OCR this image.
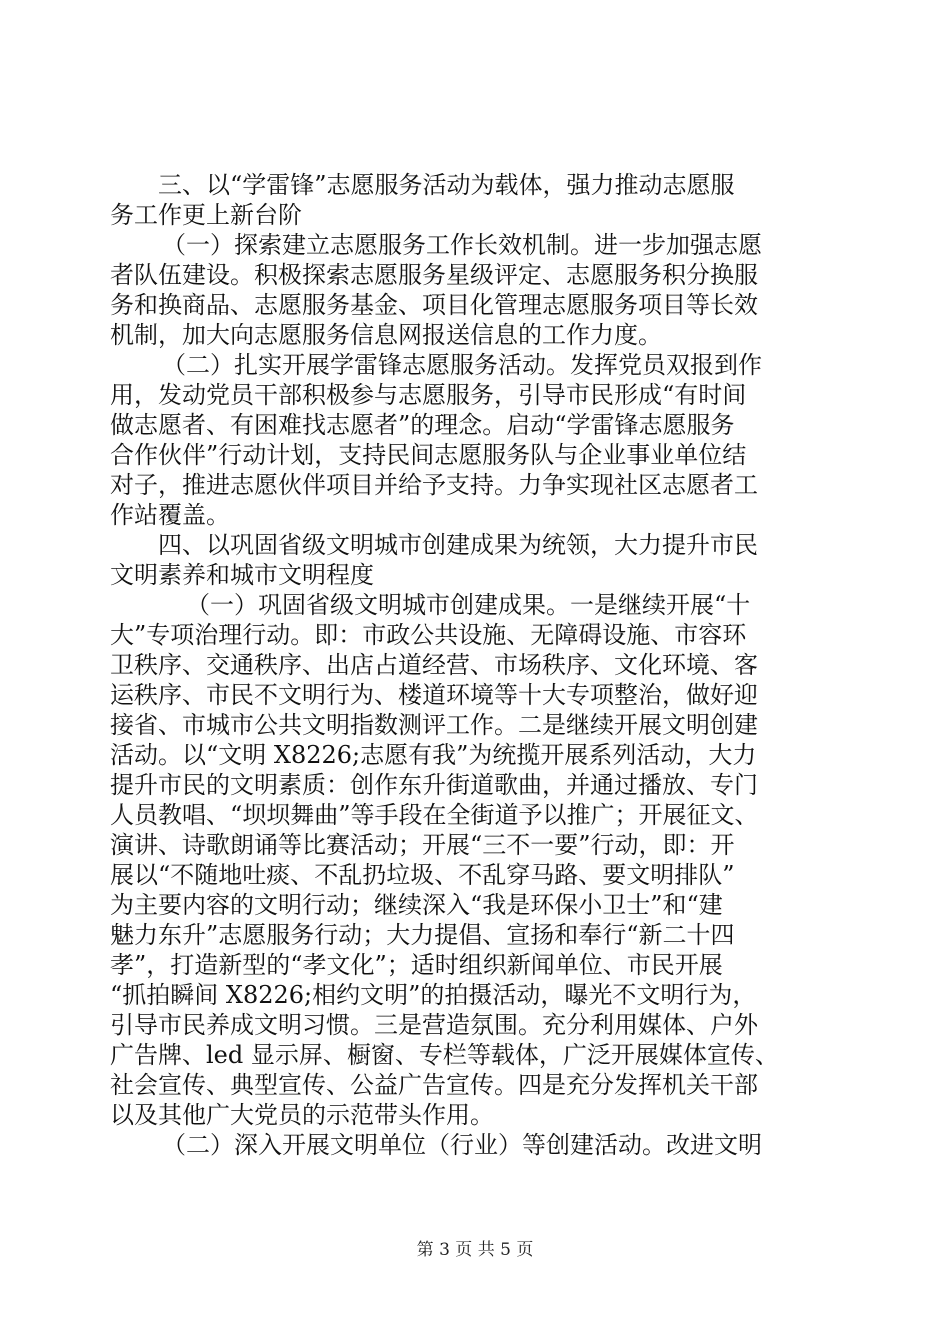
三、以“学雷锋”志愿服务活动为载体，强力推动志愿服
务工作更上新台阶
（一）探索建立志愿服务工作长效机制。进一步加强志愿
者队伍建设。积极探索志愿服务星级评定、志愿服务积分换服
务和换商品、志愿服务基金、项目化管理志愿服务项目等长效
机制，加大向志愿服务信息网报送信息的工作力度。
（二）扎实开展学雷锋志愿服务活动。发挥党员双报到作
用，发动党员干部积极参与志愿服务，引导市民形成“有时间
做志愿者、有困难找志愿者”的理念。启动“学雷锋志愿服务
合作伙伴”行动计划，支持民间志愿服务队与企业事业单位结
对子，推进志愿伙伴项目并给予支持。力争实现社区志愿者工
作站覆盖。
四、以巩固省级文明城市创建成果为统领，大力提升市民
文明素养和城市文明程度
（一）巩固省级文明城市创建成果。一是继续开展“十
大”专项治理行动。即：市政公共设施、无障碍设施、市容环
卫秩序、交通秩序、出店占道经营、市场秩序、文化环境、客
运秩序、市民不文明行为、楼道环境等十大专项整治，做好迎
接省、市城市公共文明指数测评工作。二是继续开展文明创建
活动。以“文明 X8226;志愿有我”为统揽开展系列活动，大力
提升市民的文明素质：创作东升街道歌曲，并通过播放、专门
人员教唱、“坝坝舞曲”等手段在全街道予以推广；开展征文、
演讲、诗歌朗诵等比赛活动；开展“三不一要”行动，即：开
展以“不随地吐痰、不乱扔垃圾、不乱穿马路、要文明排队”
为主要内容的文明行动；继续深入“我是环保小卫士”和“建
魅力东升”志愿服务行动；大力提倡、宣扬和奉行“新二十四
孝”，打造新型的“孝文化”；适时组织新闻单位、市民开展
“抓拍瞬间 X8226;相约文明”的拍摄活动，曝光不文明行为，
引导市民养成文明习惯。三是营造氛围。充分利用媒体、户外
广告牌、led 显示屏、橱窗、专栏等载体，广泛开展媒体宣传、
社会宣传、典型宣传、公益广告宣传。四是充分发挥机关干部
以及其他广大党员的示范带头作用。
（二）深入开展文明单位（行业）等创建活动。改进文明
第 3 页 共 5 页
